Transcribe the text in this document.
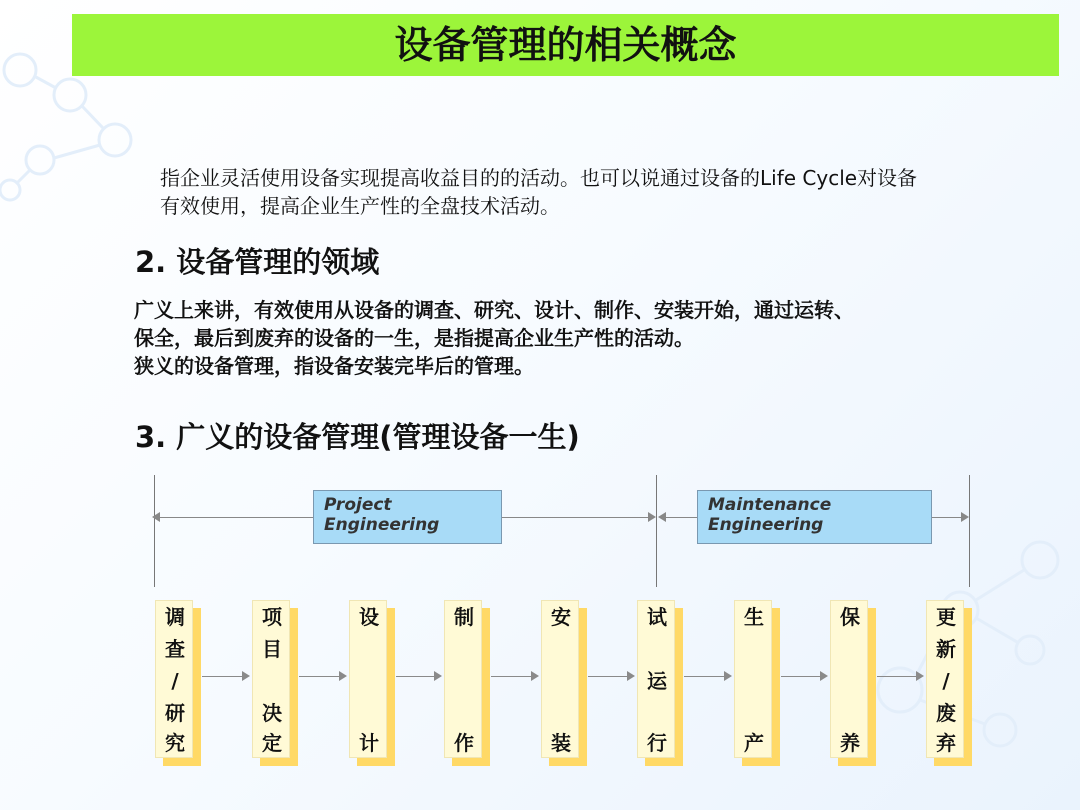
设备管理的相关概念
指企业灵活使用设备实现提高收益目的的活动。也可以说通过设备的Life Cycle对设备
有效使用，提高企业生产性的全盘技术活动。
2. 设备管理的领域
广义上来讲，有效使用从设备的调查、研究、设计、制作、安装开始，通过运转、
保全，最后到废弃的设备的一生，是指提高企业生产性的活动。
狭义的设备管理，指设备安装完毕后的管理。
3. 广义的设备管理(管理设备一生)
Project
Engineering
Maintenance
Engineering
调
查
/
研
究
项
目
决
定
设
计
制
作
安
装
试
运
行
生
产
保
养
更
新
/
废
弃
